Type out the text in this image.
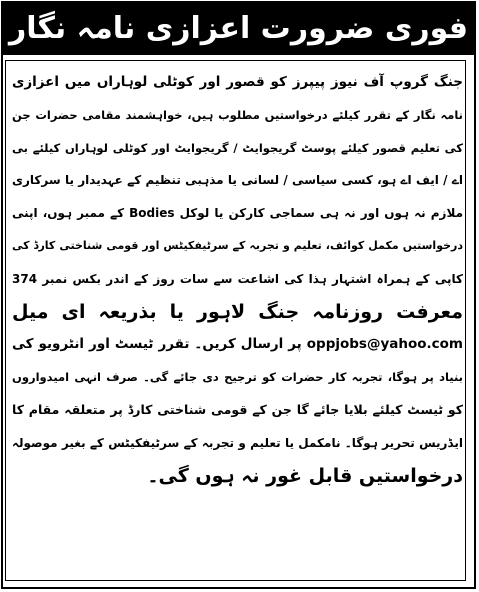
فوری ضرورت اعزازی نامہ نگار
جنگ گروپ آف نیوز پیپرز کو قصور اور کوٹلی لوہاراں میں اعزازی
نامہ نگار کے تقرر کیلئے درخواستیں مطلوب ہیں، خواہشمند مقامی حضرات جن
کی تعلیم قصور کیلئے پوسٹ گریجوایٹ / گریجوایٹ اور کوٹلی لوہاراں کیلئے بی
اے / ایف اے ہو، کسی سیاسی / لسانی یا مذہبی تنظیم کے عہدیدار یا سرکاری
ملازم نہ ہوں اور نہ ہی سماجی کارکن یا لوکل Bodies کے ممبر ہوں، اپنی
درخواستیں مکمل کوائف، تعلیم و تجربہ کے سرٹیفکیٹس اور قومی شناختی کارڈ کی
کاپی کے ہمراہ اشتہار ہذا کی اشاعت سے سات روز کے اندر بکس نمبر 374
معرفت روزنامہ جنگ لاہور یا بذریعہ ای میل
oppjobs@yahoo.com پر ارسال کریں۔ تقرر ٹیسٹ اور انٹرویو کی
بنیاد پر ہوگا، تجربہ کار حضرات کو ترجیح دی جائے گی۔ صرف انہی امیدواروں
کو ٹیسٹ کیلئے بلایا جائے گا جن کے قومی شناختی کارڈ پر متعلقہ مقام کا
ایڈریس تحریر ہوگا۔ نامکمل یا تعلیم و تجربہ کے سرٹیفکیٹس کے بغیر موصولہ
درخواستیں قابل غور نہ ہوں گی۔
